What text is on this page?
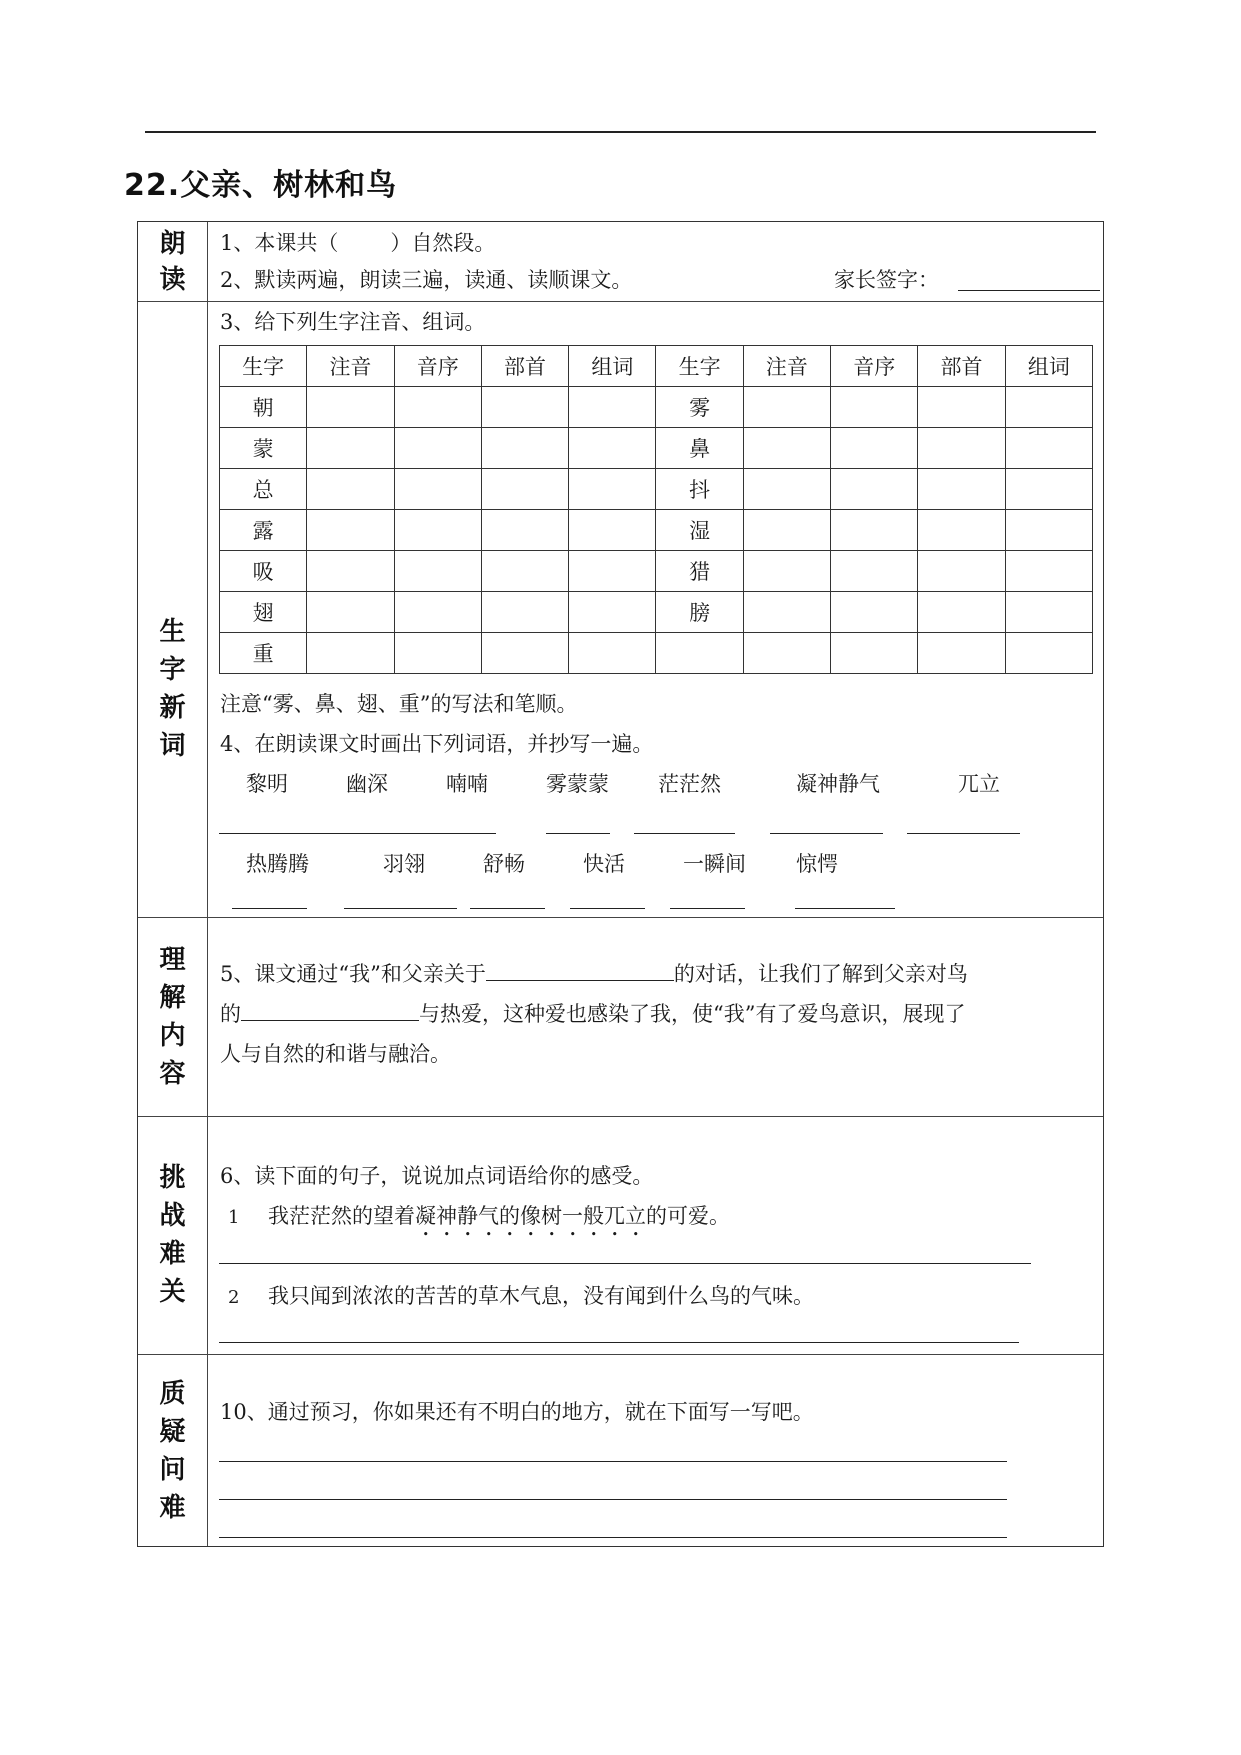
22.父亲、树林和鸟
朗
读
1、本课共（ ）自然段。
2、默读两遍，朗读三遍，读通、读顺课文。	家长签字：
生
字
新
词
3、给下列生字注音、组词。
生字	注音	音序	部首	组词	生字	注音	音序	部首	组词
朝					雾				
蒙					鼻				
总					抖				
露					湿				
吸					猎				
翅					膀				
重									
注意“雾、鼻、翅、重”的写法和笔顺。
4、在朗读课文时画出下列词语，并抄写一遍。
黎明	幽深	喃喃	雾蒙蒙 茫茫然	凝神静气	兀立
热腾腾	羽翎	舒畅	快活	一瞬间 惊愕
理
解
内
容
5、课文通过“我”和父亲关于	的对话，让我们了解到父亲对鸟
的	与热爱，这种爱也感染了我，使“我”有了爱鸟意识，展现了
人与自然的和谐与融洽。
挑
战
难
关
6、读下面的句子，说说加点词语给你的感受。
1 我茫茫然的望着凝神静气的像树一般兀立的可爱。
2 我只闻到浓浓的苦苦的草木气息，没有闻到什么鸟的气味。
质
疑
问
难
10、通过预习，你如果还有不明白的地方，就在下面写一写吧。
